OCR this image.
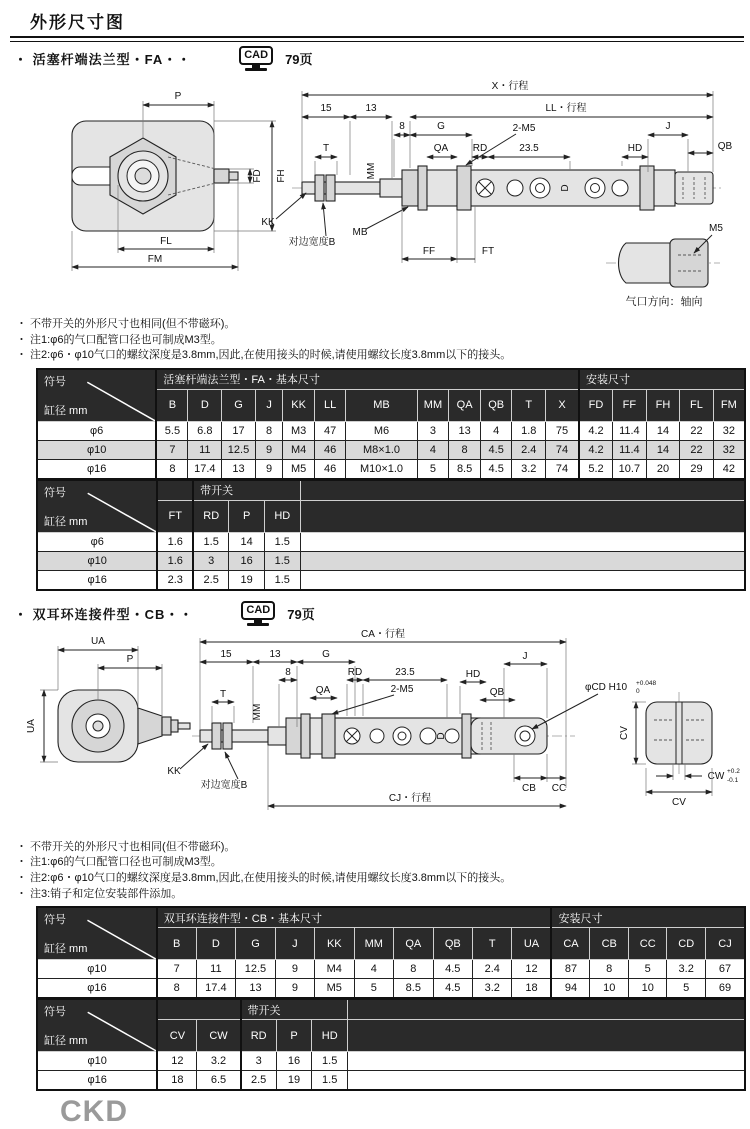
外形尺寸图
・ 活塞杆端法兰型・FA・・	CAD	79页
P
FD FH
FL
FM
X・行程
15	13	LL・行程
8	G	J
QB
T	QA RD	23.5	HD
2-M5
MM
D
KK
对边宽度B
MB
FF	FT
M5
气口方向：轴向
・ 不带开关的外形尺寸也相同(但不带磁环)。
・ 注1:φ6的气口配管口径也可制成M3型。
・ 注2:φ6・φ10气口的螺纹深度是3.8mm,因此,在使用接头的时候,请使用螺纹长度3.8mm以下的接头。
符号
缸径 mm	活塞杆端法兰型・FA・基本尺寸												安装尺寸				
	B	D	G	J	KK	LL	MB	MM	QA	QB	T	X	FD	FF	FH	FL	FM
φ6	5.5	6.8	17	8	M3	47	M6	3	13	4	1.8	75	4.2	11.4	14	22	32
φ10	7	11	12.5	9	M4	46	M8×1.0	4	8	4.5	2.4	74	4.2	11.4	14	22	32
φ16	8	17.4	13	9	M5	46	M10×1.0	5	8.5	4.5	3.2	74	5.2	10.7	20	29	42
符号
缸径 mm		带开关			
	FT	RD	P	HD	
φ6	1.6	1.5	14	1.5	
φ10	1.6	3	16	1.5	
φ16	2.3	2.5	19	1.5	
・ 双耳环连接件型・CB・・	CAD	79页
UA
P
UA
CA・行程
15	13	G
8	RD	23.5
QA	2-M5
T
MM
J
HD
QB	φCD H10 +0.048
0
D
KK
对边宽度B	CB CC
CJ・行程
CV
CW +0.2
-0.1
CV
・ 不带开关的外形尺寸也相同(但不带磁环)。
・ 注1:φ6的气口配管口径也可制成M3型。
・ 注2:φ6・φ10气口的螺纹深度是3.8mm,因此,在使用接头的时候,请使用螺纹长度3.8mm以下的接头。
・ 注3:销子和定位安装部件添加。
符号
缸径 mm	双耳环连接件型・CB・基本尺寸										安装尺寸				
	B	D	G	J	KK	MM	QA	QB	T	UA	CA	CB	CC	CD	CJ
φ10	7	11	12.5	9	M4	4	8	4.5	2.4	12	87	8	5	3.2	67
φ16	8	17.4	13	9	M5	5	8.5	4.5	3.2	18	94	10	10	5	69
符号
缸径 mm			带开关			
	CV	CW	RD	P	HD	
φ10	12	3.2	3	16	1.5	
φ16	18	6.5	2.5	19	1.5	
CKD
